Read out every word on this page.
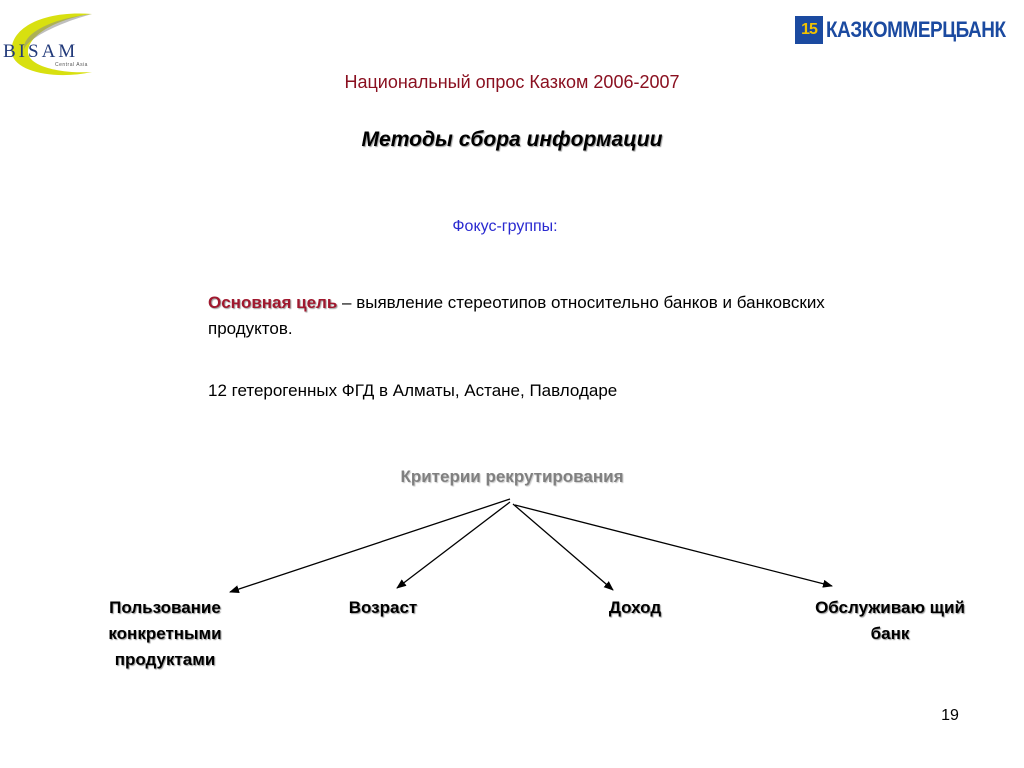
BISAM
Central Asia
15 КАЗКОММЕРЦБАНК
Национальный опрос Казком 2006-2007
Методы сбора информации
Фокус-группы:
Основная цель – выявление стереотипов относительно банков и банковских продуктов.
12 гетерогенных ФГД в Алматы, Астане, Павлодаре
Критерии рекрутирования
Пользование конкретными продуктами
Возраст	Доход	Обслуживаю щий банк
19
